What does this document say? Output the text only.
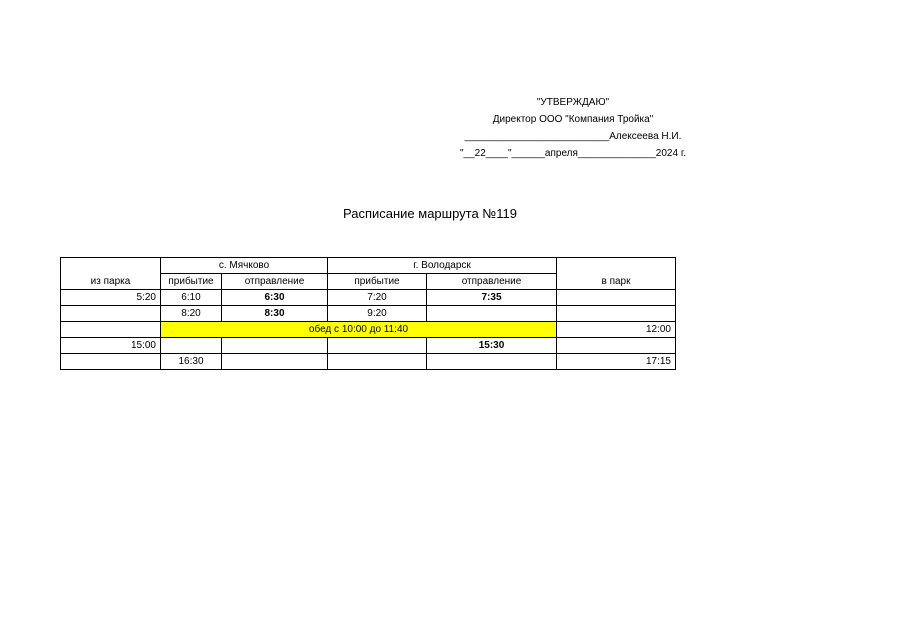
"УТВЕРЖДАЮ"
Директор ООО "Компания Тройка"
__________________________Алексеева Н.И.
"__22____"______апреля______________2024 г.
Расписание маршрута №119
из парка	с. Мячково		г. Володарск		в парк
	прибытие	отправление	прибытие	отправление	
5:20	6:10	6:30	7:20	7:35	
	8:20	8:30	9:20		
	обед с 10:00 до 11:40				12:00
15:00				15:30	
	16:30				17:15
